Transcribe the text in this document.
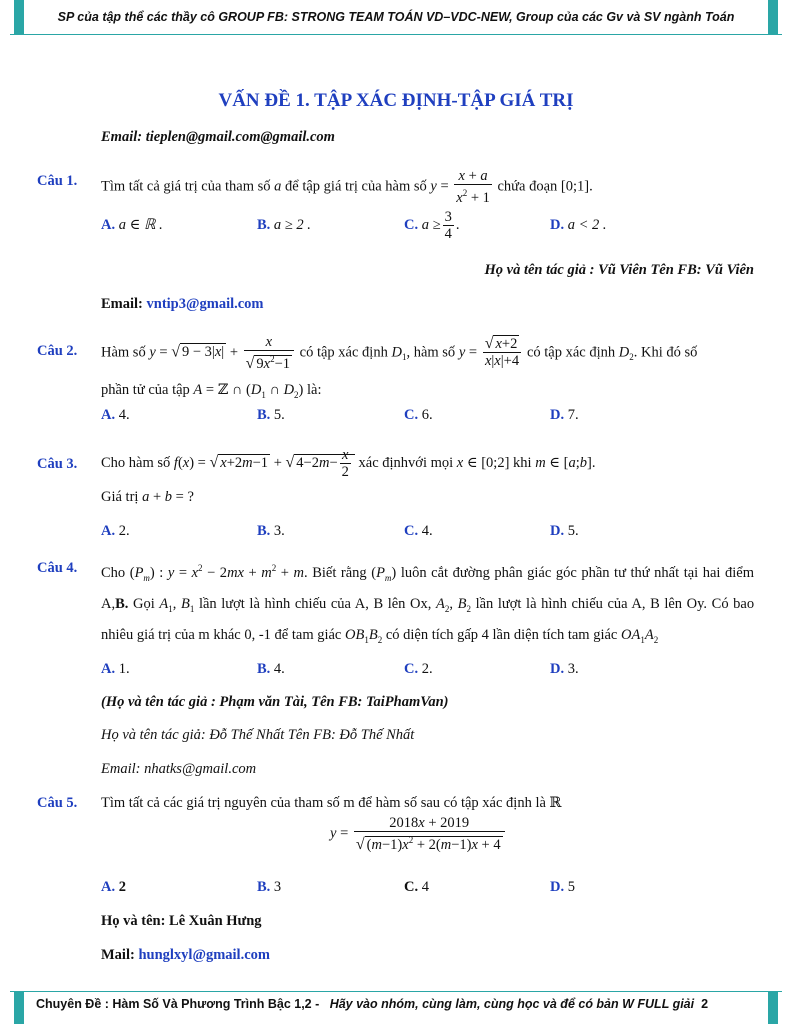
SP của tập thể các thầy cô GROUP FB: STRONG TEAM TOÁN VD–VDC-NEW, Group của các Gv và SV ngành Toán
VẤN ĐỀ 1. TẬP XÁC ĐỊNH-TẬP GIÁ TRỊ
Email: tieplen@gmail.com@gmail.com
Câu 1. Tìm tất cả giá trị của tham số a để tập giá trị của hàm số $y = \frac{x + a}{x^2 + 1}$ chứa đoạn [0;1].
A. a ∈ ℝ .	B. a ≥ 2 .	C. $a \ge \frac{3}{4}$ .	D. a < 2 .
Họ và tên tác giả : Vũ Viên Tên FB: Vũ Viên
Email: vntip3@gmail.com
Câu 2. Hàm số y = √ $9 - 3|x| + \frac{x}{√ 9x^2-1}$ có tập xác định $D_1$, hàm số $y = \frac{√ x+2}{x|x|+4}$ có tập xác định $D_2$. Khi đó số
phần tử của tập A = ℤ ∩ ($D_1$ ∩ $D_2$) là:
A. 4.	B. 5.	C. 6.	D. 7.
Câu 3. Cho hàm số f(x) = √ x+2m−1 + √ $4-2m- \frac{x}{2}$ xác địnhvới mọi x ∈ [0;2] khi m ∈ [a;b].
Giá trị a + b = ?
A. 2.	B. 3.	C. 4.	D. 5.
Câu 4. Cho $(P_m)$ : $y = x^2 - 2mx + m^2 + m$. Biết rằng $(P_m)$ luôn cắt đường phân giác góc phần tư thứ nhất tại hai điểm A,B. Gọi $A_1$, $B_1$ lần lượt là hình chiếu của A, B lên Ox, $A_2$, $B_2$ lần lượt là hình chiếu của A, B lên Oy. Có bao nhiêu giá trị của m khác 0, -1 để tam giác $OB_1B_2$ có diện tích gấp 4 lần diện tích tam giác $OA_1A_2$
A. 1.	B. 4.	C. 2.	D. 3.
(Họ và tên tác giả : Phạm văn Tài, Tên FB: TaiPhamVan)
Họ và tên tác giả: Đỗ Thế Nhất Tên FB: Đỗ Thế Nhất
Email: nhatks@gmail.com
Câu 5. Tìm tất cả các giá trị nguyên của tham số m để hàm số sau có tập xác định là ℝ
$y = \frac{2018x + 2019}{√ (m-1)x^2 + 2(m-1)x + 4}$
A. 2	B. 3	C. 4	D. 5
Họ và tên: Lê Xuân Hưng
Mail: hunglxyl@gmail.com
Chuyên Đề : Hàm Số Và Phương Trình Bậc 1,2 - Hãy vào nhóm, cùng làm, cùng học và để có bản W FULL giải 2
